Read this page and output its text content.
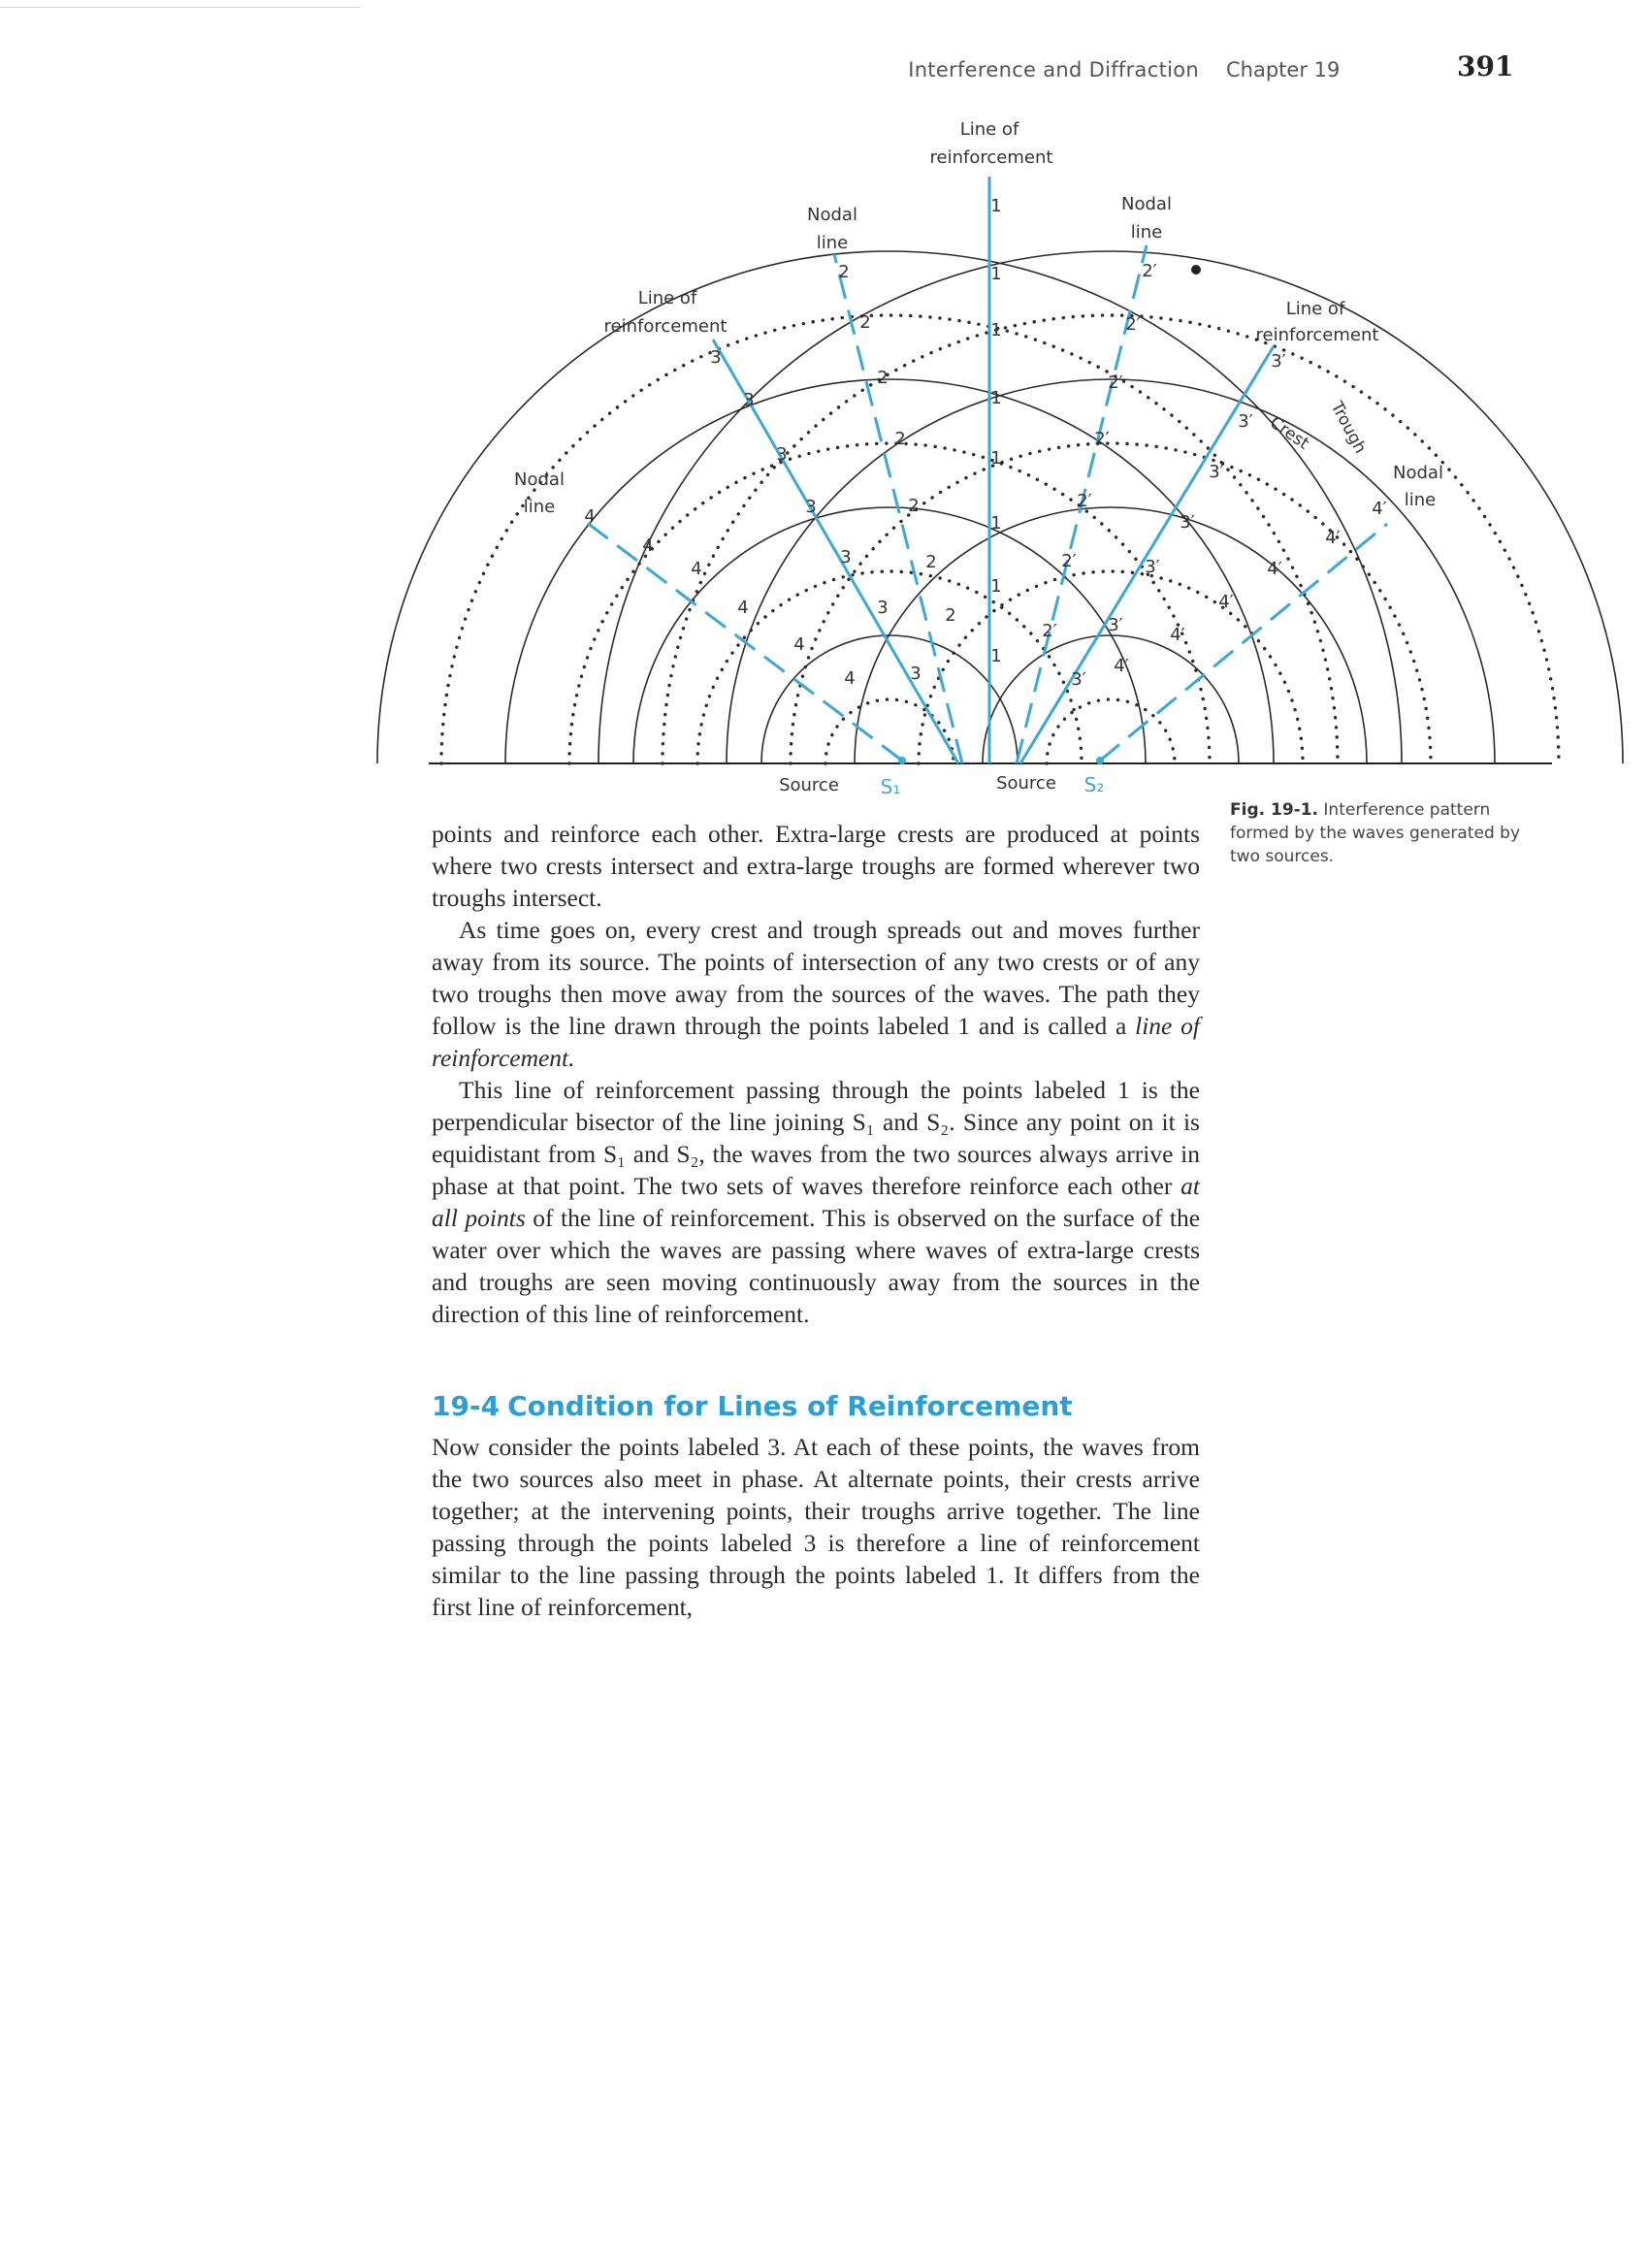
Interference and Diffraction Chapter 19	391
1
1
1
1
1
1
1
1
2
2
2
2
2
2
2
2′
2′
2′
2′
2′
2′
2′
3
3
3
3
3
3
3
3′
3′
3′
3′
3′
3′
3′
4
4
4
4
4
4
4′
4′
4′
4′
4′
4′
Line of
reinforcement
Nodal
line
Nodal
line
Line of
reinforcement
Line of
reinforcement
Nodal
line
Nodal
line
Source	Source
S₁	S₂
Trough
Crest
Fig. 19-1. Interference pattern formed by the waves generated by two sources.

points and reinforce each other. Extra-large crests are produced at points where two crests intersect and extra-large troughs are formed wherever two troughs intersect.

As time goes on, every crest and trough spreads out and moves further away from its source. The points of intersection of any two crests or of any two troughs then move away from the sources of the waves. The path they follow is the line drawn through the points labeled 1 and is called a line of reinforcement.

This line of reinforcement passing through the points labeled 1 is the perpendicular bisector of the line joining S₁ and S₂. Since any point on it is equidistant from S₁ and S₂, the waves from the two sources always arrive in phase at that point. The two sets of waves therefore reinforce each other at all points of the line of reinforcement. This is observed on the surface of the water over which the waves are passing where waves of extra-large crests and troughs are seen moving continuously away from the sources in the direction of this line of reinforcement.

19-4 Condition for Lines of Reinforcement

Now consider the points labeled 3. At each of these points, the waves from the two sources also meet in phase. At alternate points, their crests arrive together; at the intervening points, their troughs arrive together. The line passing through the points labeled 3 is therefore a line of reinforcement similar to the line passing through the points labeled 1. It differs from the first line of reinforcement,
